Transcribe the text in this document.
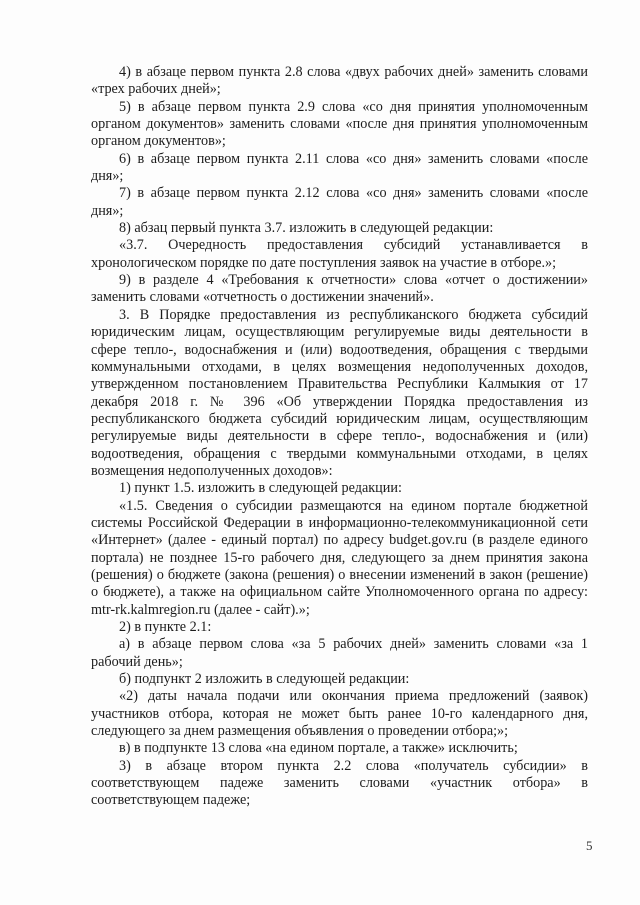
4) в абзаце первом пункта 2.8 слова «двух рабочих дней» заменить словами «трех рабочих дней»;

5) в абзаце первом пункта 2.9 слова «со дня принятия уполномоченным органом документов» заменить словами «после дня принятия уполномоченным органом документов»;

6) в абзаце первом пункта 2.11 слова «со дня» заменить словами «после дня»;

7) в абзаце первом пункта 2.12 слова «со дня» заменить словами «после дня»;

8) абзац первый пункта 3.7. изложить в следующей редакции:

«3.7. Очередность предоставления субсидий устанавливается в хронологическом порядке по дате поступления заявок на участие в отборе.»;

9) в разделе 4 «Требования к отчетности» слова «отчет о достижении» заменить словами «отчетность о достижении значений».

3. В Порядке предоставления из республиканского бюджета субсидий юридическим лицам, осуществляющим регулируемые виды деятельности в сфере тепло-, водоснабжения и (или) водоотведения, обращения с твердыми коммунальными отходами, в целях возмещения недополученных доходов, утвержденном постановлением Правительства Республики Калмыкия от 17 декабря 2018 г. № 396 «Об утверждении Порядка предоставления из республиканского бюджета субсидий юридическим лицам, осуществляющим регулируемые виды деятельности в сфере тепло-, водоснабжения и (или) водоотведения, обращения с твердыми коммунальными отходами, в целях возмещения недополученных доходов»:

1) пункт 1.5. изложить в следующей редакции:

«1.5. Сведения о субсидии размещаются на едином портале бюджетной системы Российской Федерации в информационно-телекоммуникационной сети «Интернет» (далее - единый портал) по адресу budget.gov.ru (в разделе единого портала) не позднее 15-го рабочего дня, следующего за днем принятия закона (решения) о бюджете (закона (решения) о внесении изменений в закон (решение) о бюджете), а также на официальном сайте Уполномоченного органа по адресу: mtr-rk.kalmregion.ru (далее - сайт).»;

2) в пункте 2.1:

а) в абзаце первом слова «за 5 рабочих дней» заменить словами «за 1 рабочий день»;

б) подпункт 2 изложить в следующей редакции:

«2) даты начала подачи или окончания приема предложений (заявок) участников отбора, которая не может быть ранее 10-го календарного дня, следующего за днем размещения объявления о проведении отбора;»;

в) в подпункте 13 слова «на едином портале, а также» исключить;

3) в абзаце втором пункта 2.2 слова «получатель субсидии» в соответствующем падеже заменить словами «участник отбора» в соответствующем падеже;

5
